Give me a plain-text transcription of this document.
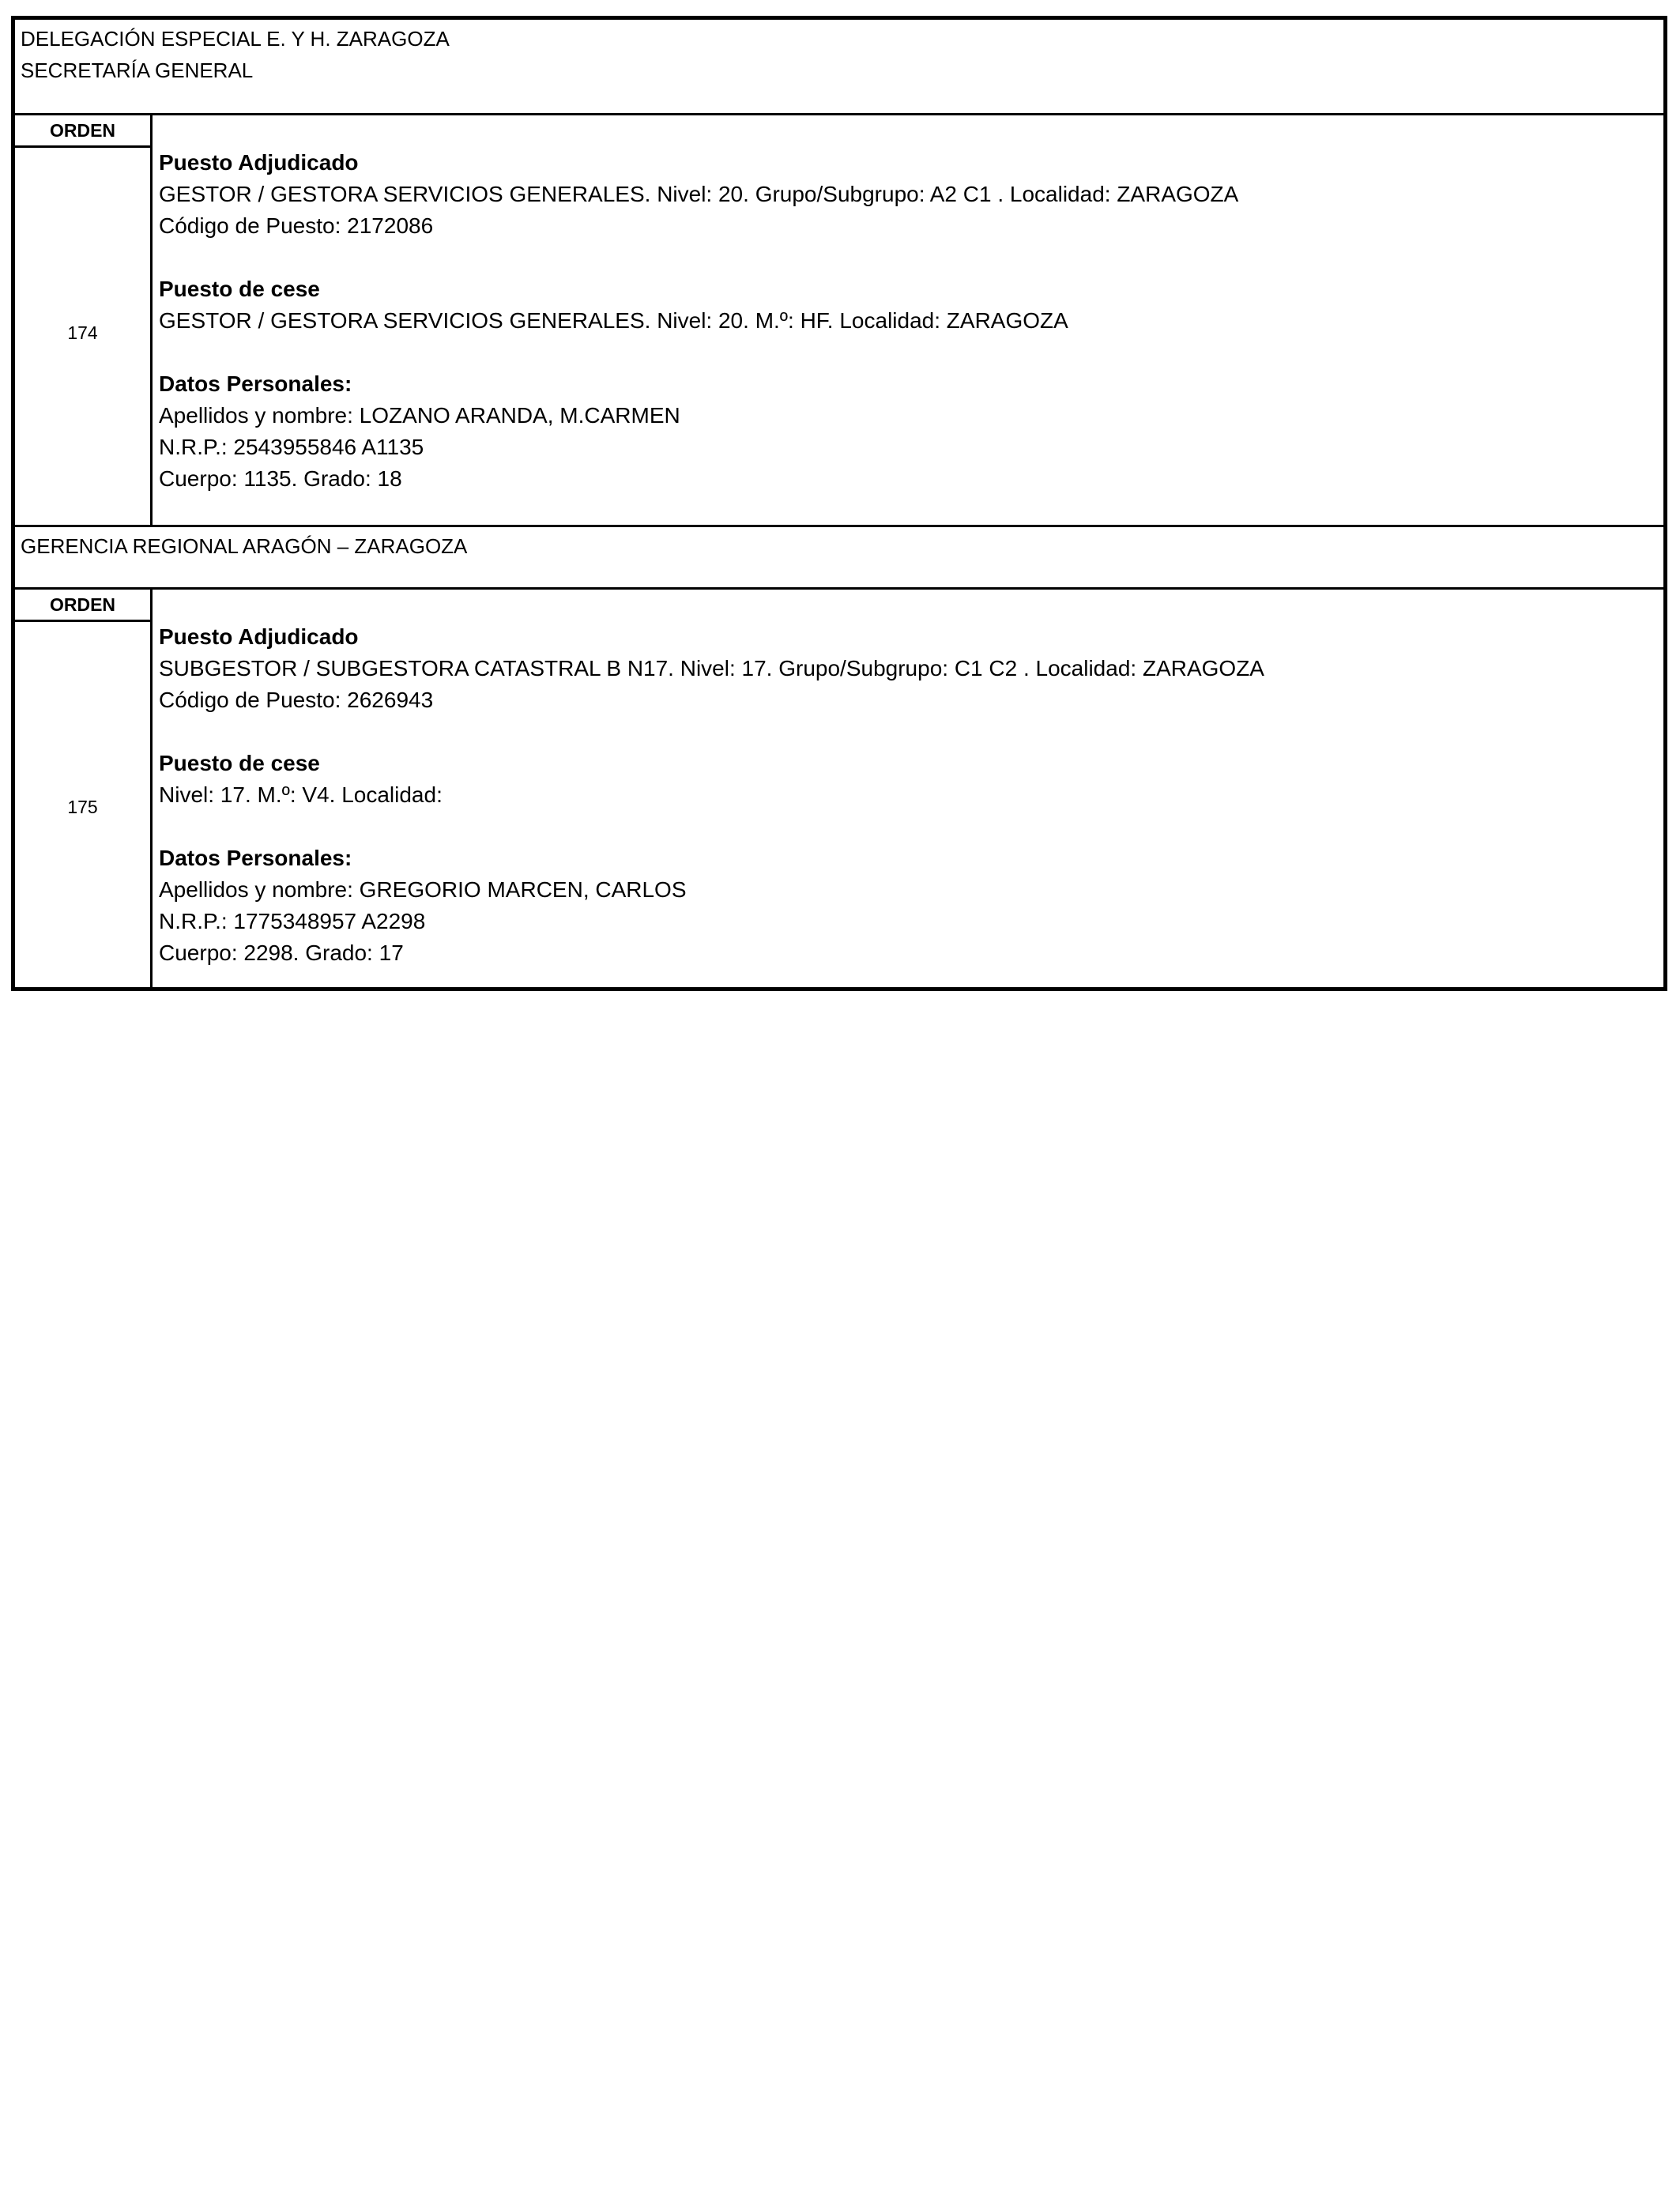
DELEGACIÓN ESPECIAL E. Y H. ZARAGOZA
SECRETARÍA GENERAL
ORDEN
174
Puesto Adjudicado
GESTOR / GESTORA SERVICIOS GENERALES. Nivel: 20. Grupo/Subgrupo: A2 C1 . Localidad: ZARAGOZA
Código de Puesto: 2172086
Puesto de cese
GESTOR / GESTORA SERVICIOS GENERALES. Nivel: 20. M.º: HF. Localidad: ZARAGOZA
Datos Personales:
Apellidos y nombre: LOZANO ARANDA, M.CARMEN
N.R.P.: 2543955846 A1135
Cuerpo: 1135. Grado: 18
GERENCIA REGIONAL ARAGÓN – ZARAGOZA
ORDEN
175
Puesto Adjudicado
SUBGESTOR / SUBGESTORA CATASTRAL B N17. Nivel: 17. Grupo/Subgrupo: C1 C2 . Localidad: ZARAGOZA
Código de Puesto: 2626943
Puesto de cese
Nivel: 17. M.º: V4. Localidad:
Datos Personales:
Apellidos y nombre: GREGORIO MARCEN, CARLOS
N.R.P.: 1775348957 A2298
Cuerpo: 2298. Grado: 17
